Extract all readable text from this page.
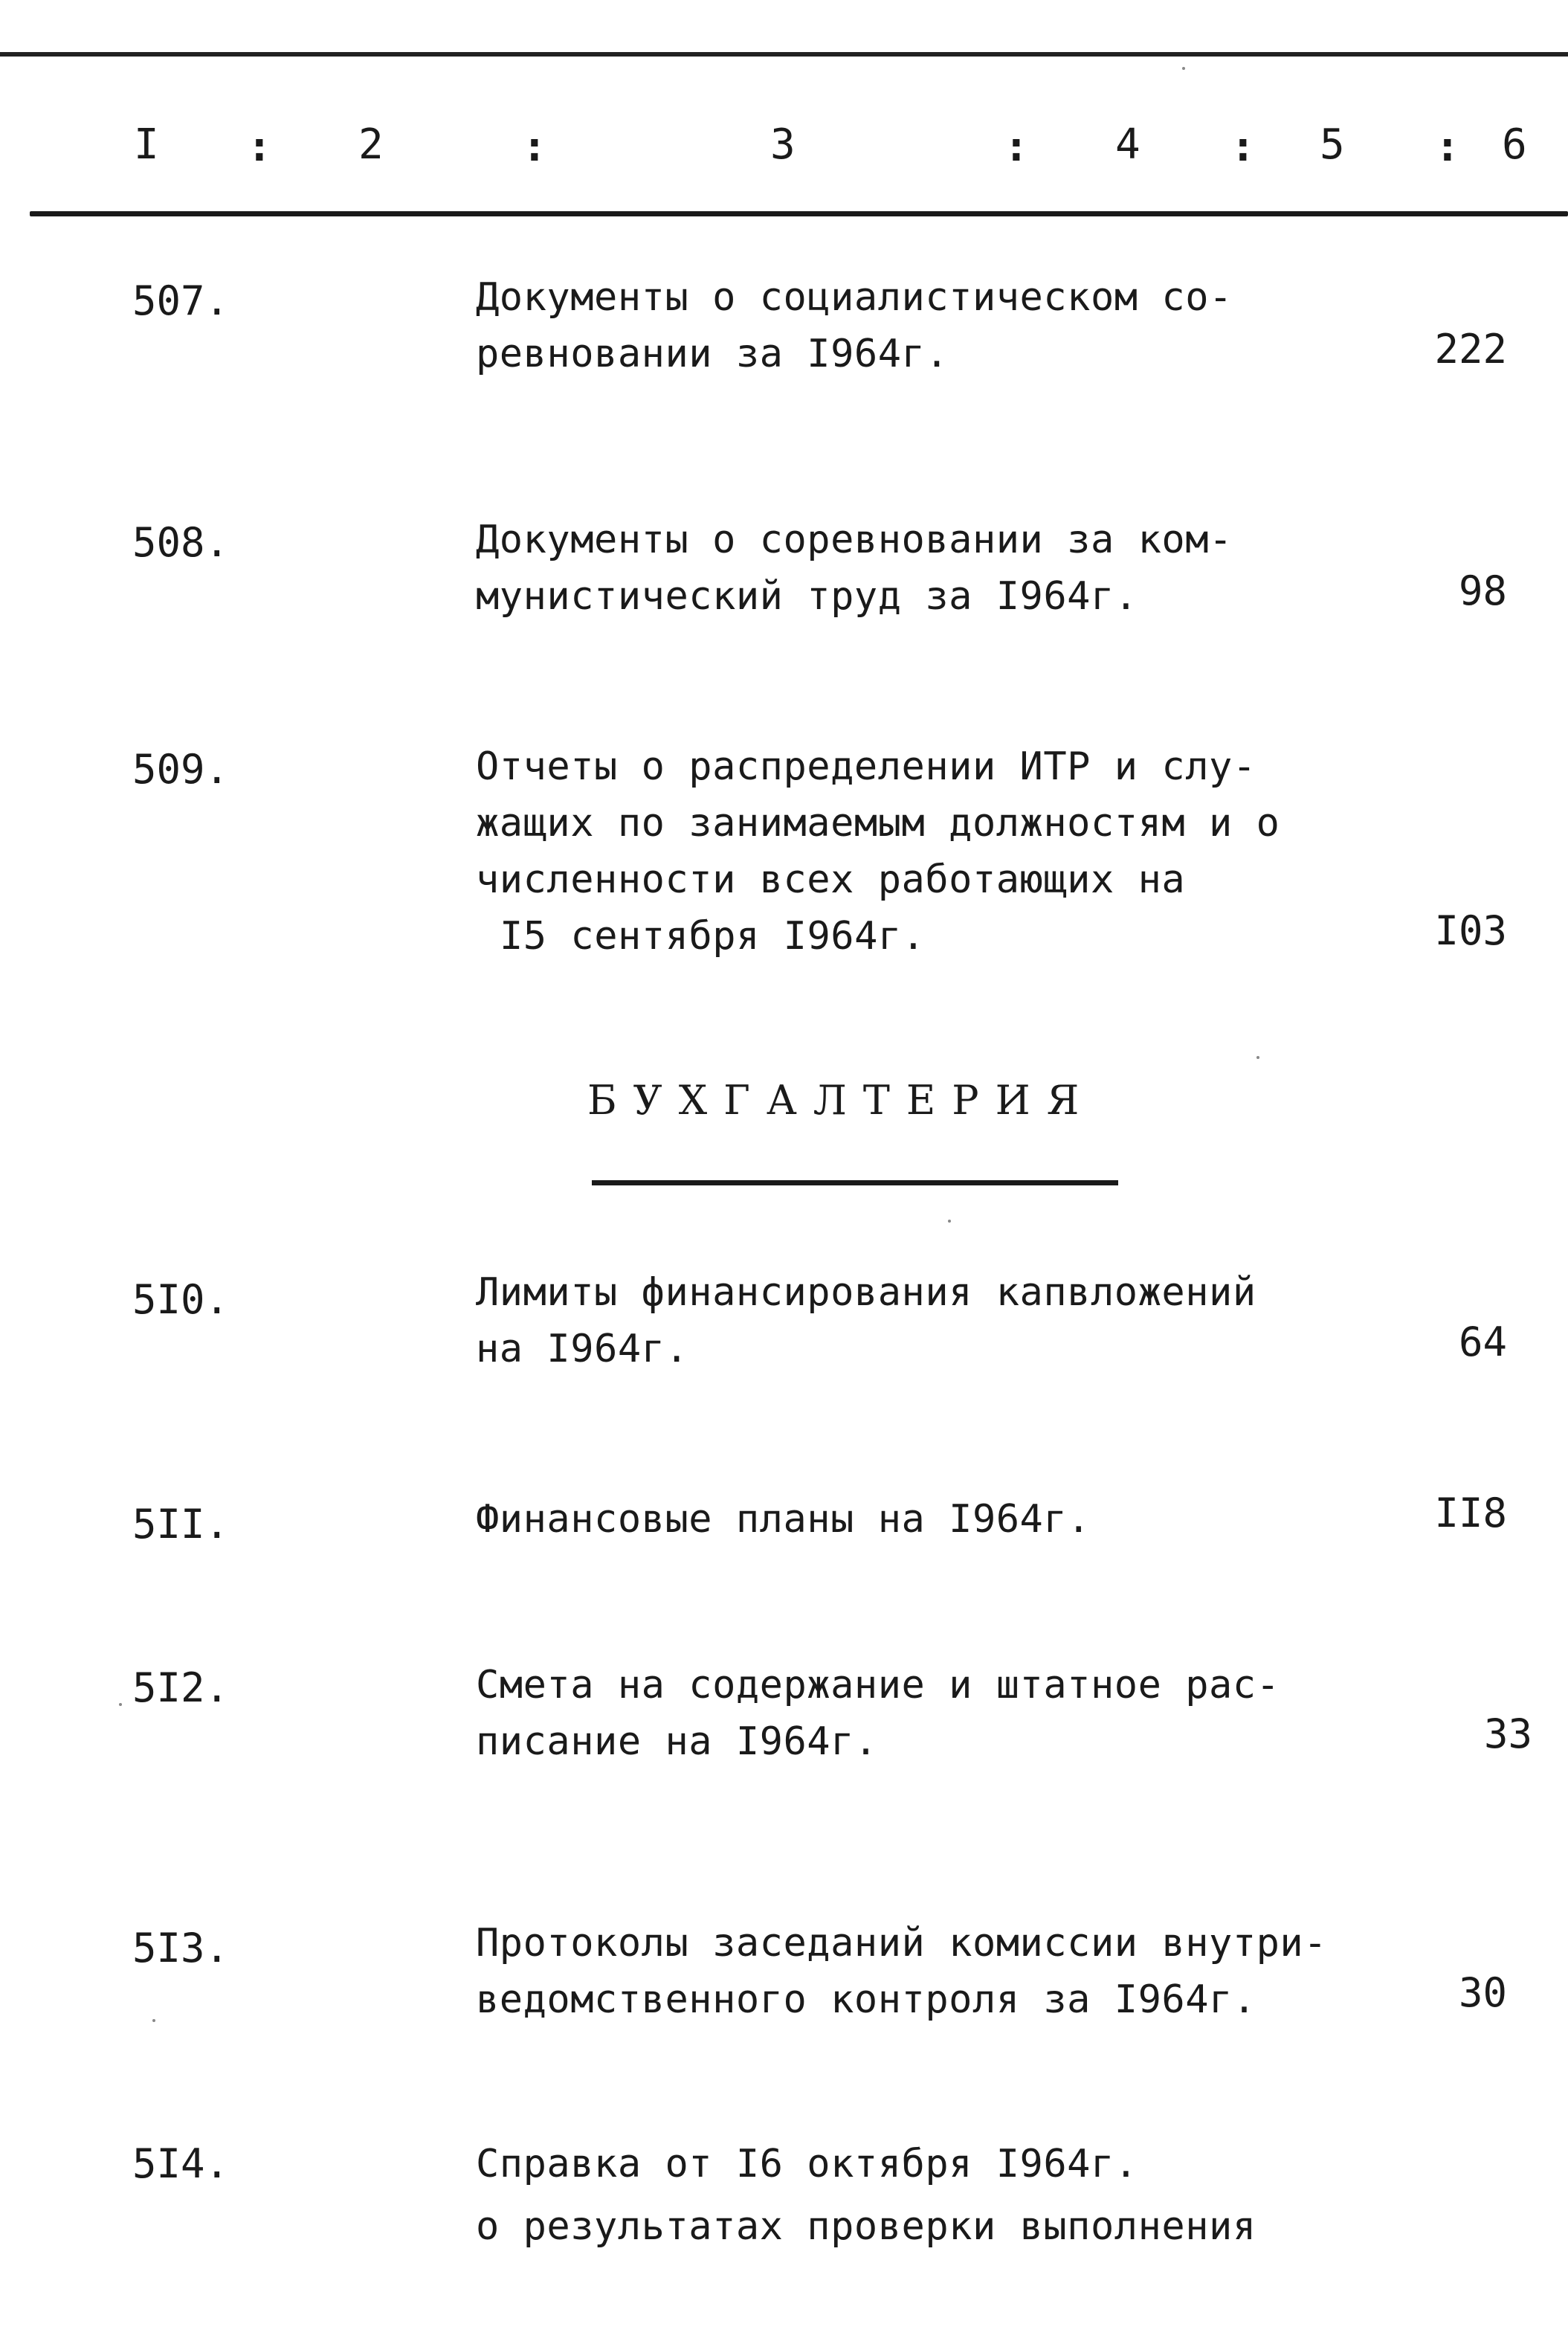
I : 2	:	3	: 4 : 5 : 6
507.	Документы о социалистическом со-
ревновании за I964г.	222
508.	Документы о соревновании за ком-
мунистический труд за I964г.	98
509.	Отчеты о распределении ИТР и слу-
жащих по занимаемым должностям и о
численности всех работающих на
I5 сентября I964г.	I03
БУХГАЛТЕРИЯ
5I0.	Лимиты финансирования капвложений
на I964г.	64
5II.	Финансовые планы на I964г.	II8
5I2.	Смета на содержание и штатное рас-
писание на I964г.	33
5I3.	Протоколы заседаний комиссии внутри-
ведомственного контроля за I964г.	30
5I4.	Справка от I6 октября I964г.
о результатах проверки выполнения
